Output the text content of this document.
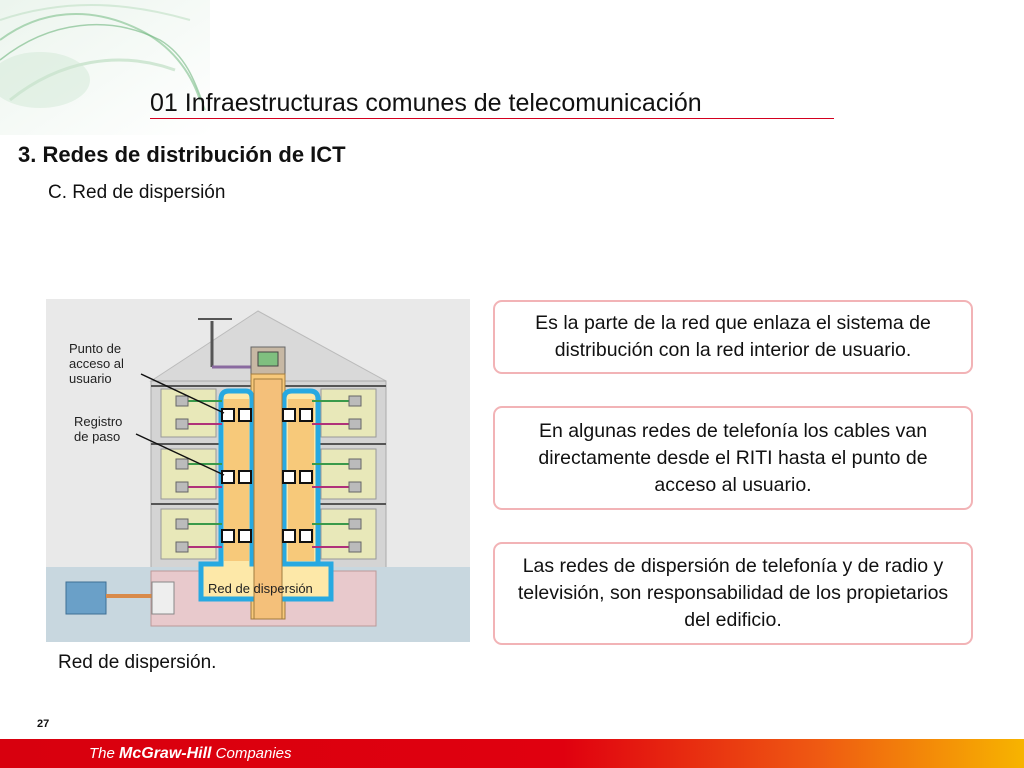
01 Infraestructuras comunes de telecomunicación
3. Redes de distribución de ICT
C. Red de dispersión
Punto de acceso al usuario
Registro de paso
Red de dispersión
Red de dispersión.
Es la parte de la red que enlaza el sistema de distribución con la red interior de usuario.
En algunas redes de telefonía los cables van directamente desde el RITI hasta el punto de acceso al usuario.
Las redes de dispersión de telefonía y de radio y televisión, son responsabilidad de los propietarios del edificio.
27
The McGraw-Hill Companies
